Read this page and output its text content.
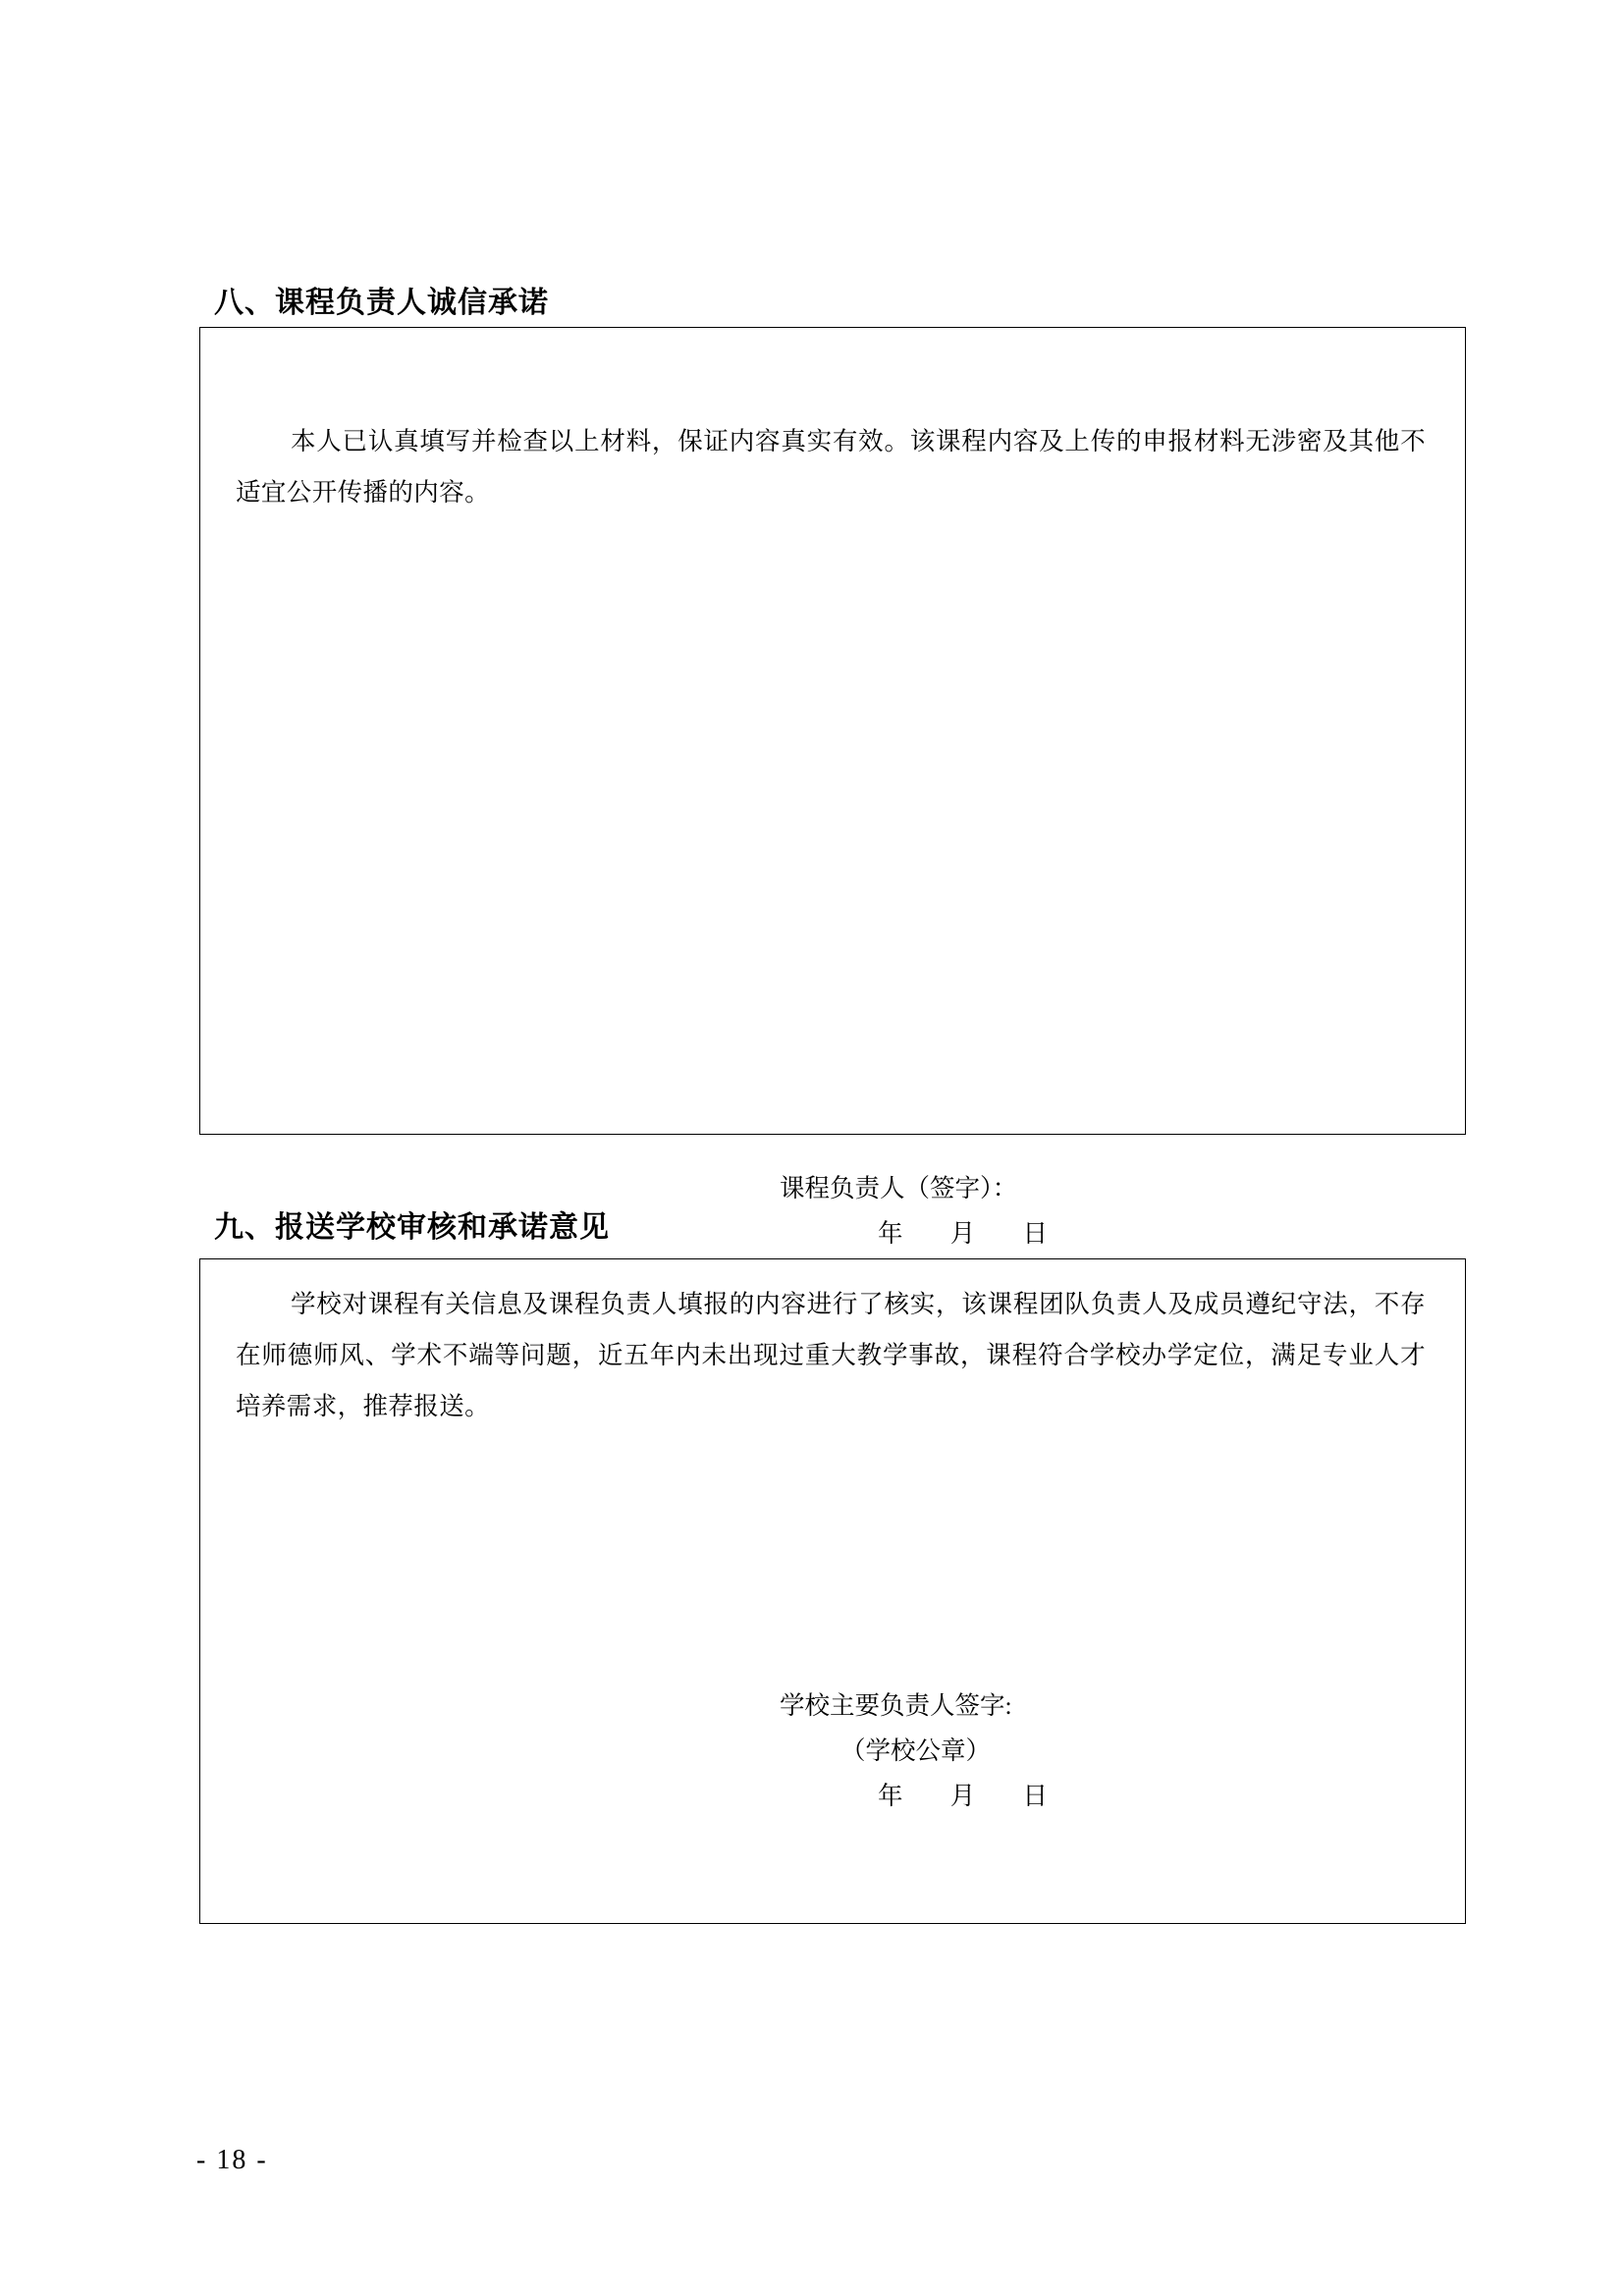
八、课程负责人诚信承诺
本人已认真填写并检查以上材料，保证内容真实有效。该课程内容及上传的申报材料无涉密及其他不适宜公开传播的内容。
课程负责人（签字）：
年 月 日
九、报送学校审核和承诺意见
学校对课程有关信息及课程负责人填报的内容进行了核实，该课程团队负责人及成员遵纪守法，不存在师德师风、学术不端等问题，近五年内未出现过重大教学事故，课程符合学校办学定位，满足专业人才培养需求，推荐报送。
学校主要负责人签字:
（学校公章）
年 月 日
- 18 -
